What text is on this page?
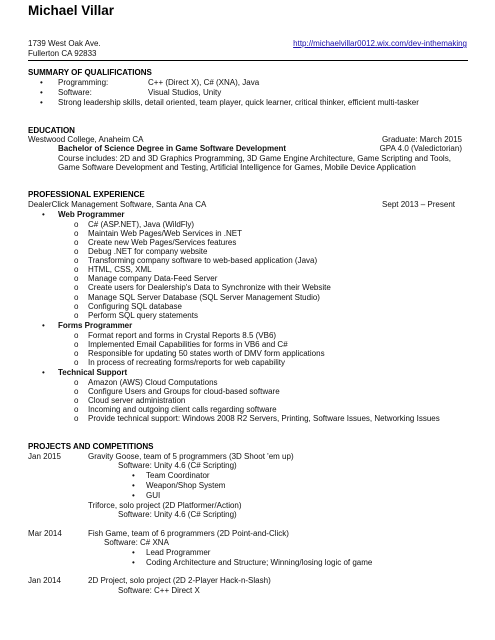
Michael Villar
1739 West Oak Ave.
Fullerton CA 92833
http://michaelvillar0012.wix.com/dev-inthemaking
SUMMARY OF QUALIFICATIONS
• Programming:	C++ (Direct X), C# (XNA), Java
• Software:	Visual Studios, Unity
• Strong leadership skills, detail oriented, team player, quick learner, critical thinker, efficient multi-tasker
EDUCATION
Westwood College, Anaheim CA	Graduate: March 2015
Bachelor of Science Degree in Game Software Development	GPA 4.0 (Valedictorian)
Course includes: 2D and 3D Graphics Programming, 3D Game Engine Architecture, Game Scripting and Tools,
Game Software Development and Testing, Artificial Intelligence for Games, Mobile Device Application
PROFESSIONAL EXPERIENCE
DealerClick Management Software, Santa Ana CA	Sept 2013 – Present
• Web Programmer
o C# (ASP.NET), Java (WildFly)
o Maintain Web Pages/Web Services in .NET
o Create new Web Pages/Services features
o Debug .NET for company website
o Transforming company software to web-based application (Java)
o HTML, CSS, XML
o Manage company Data-Feed Server
o Create users for Dealership's Data to Synchronize with their Website
o Manage SQL Server Database (SQL Server Management Studio)
o Configuring SQL database
o Perform SQL query statements
• Forms Programmer
o Format report and forms in Crystal Reports 8.5 (VB6)
o Implemented Email Capabilities for forms in VB6 and C#
o Responsible for updating 50 states worth of DMV form applications
o In process of recreating forms/reports for web capability
• Technical Support
o Amazon (AWS) Cloud Computations
o Configure Users and Groups for cloud-based software
o Cloud server administration
o Incoming and outgoing client calls regarding software
o Provide technical support: Windows 2008 R2 Servers, Printing, Software Issues, Networking Issues
PROJECTS AND COMPETITIONS
Jan 2015	Gravity Goose, team of 5 programmers (3D Shoot 'em up)
Software: Unity 4.6 (C# Scripting)
• Team Coordinator
• Weapon/Shop System
• GUI
Triforce, solo project (2D Platformer/Action)
Software: Unity 4.6 (C# Scripting)
Mar 2014	Fish Game, team of 6 programmers (2D Point-and-Click)
Software: C# XNA
• Lead Programmer
• Coding Architecture and Structure; Winning/losing logic of game
Jan 2014	2D Project, solo project (2D 2-Player Hack-n-Slash)
Software: C++ Direct X
